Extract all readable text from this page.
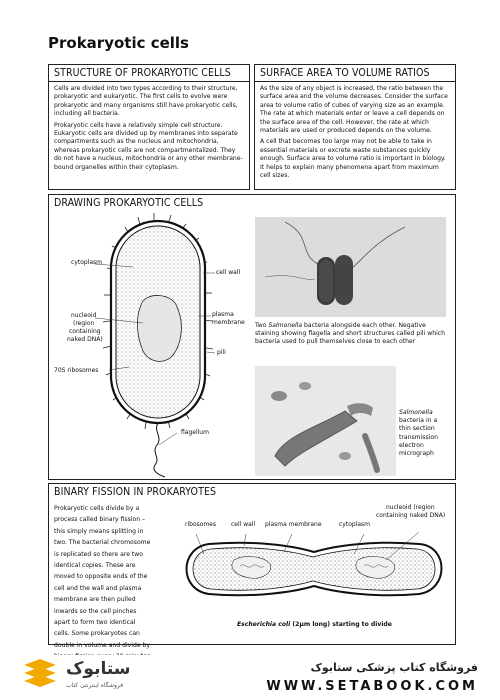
Prokaryotic cells
STRUCTURE OF PROKARYOTIC CELLS

Cells are divided into two types according to their structure, prokaryotic and eukaryotic. The first cells to evolve were prokaryotic and many organisms still have prokaryotic cells, including all bacteria.

Prokaryotic cells have a relatively simple cell structure. Eukaryotic cells are divided up by membranes into separate compartments such as the nucleus and mitochondria, whereas prokaryotic cells are not compartmentalized. They do not have a nucleus, mitochondria or any other membrane-bound organelles within their cytoplasm.

SURFACE AREA TO VOLUME RATIOS

As the size of any object is increased, the ratio between the surface area and the volume decreases. Consider the surface area to volume ratio of cubes of varying size as an example. The rate at which materials enter or leave a cell depends on the surface area of the cell. However, the rate at which materials are used or produced depends on the volume.

A cell that becomes too large may not be able to take in essential materials or excrete waste substances quickly enough. Surface area to volume ratio is important in biology. It helps to explain many phenomena apart from maximum cell sizes.

DRAWING PROKARYOTIC CELLS
cytoplasm
cell wall
nucleoid
(region
containing
naked DNA)
plasma
membrane
pili
70S ribosomes
flagellum
Two Salmonella bacteria alongside each other. Negative staining showing flagella and short structures called pili which bacteria used to pull themselves close to each other
Salmonella
bacteria in a
thin section
transmission
electron
micrograph
BINARY FISSION IN PROKARYOTES
Prokaryotic cells divide by a
process called binary fission –
this simply means splitting in
two. The bacterial chromosome
is replicated so there are two
identical copies. These are
moved to opposite ends of the
cell and the wall and plasma
membrane are then pulled
inwards so the cell pinches
apart to form two identical
cells. Some prokaryotes can
double in volume and divide by
ribosomes cell wall plasma membrane	cytoplasm
nucleoid (region
containing naked DNA)
Escherichia coli (2μm long) starting to divide
ستابوک
فروشگاه اینترنتی کتاب
فروشگاه کتاب پزشکی ستابوک
WWW.SETABOOK.COM
